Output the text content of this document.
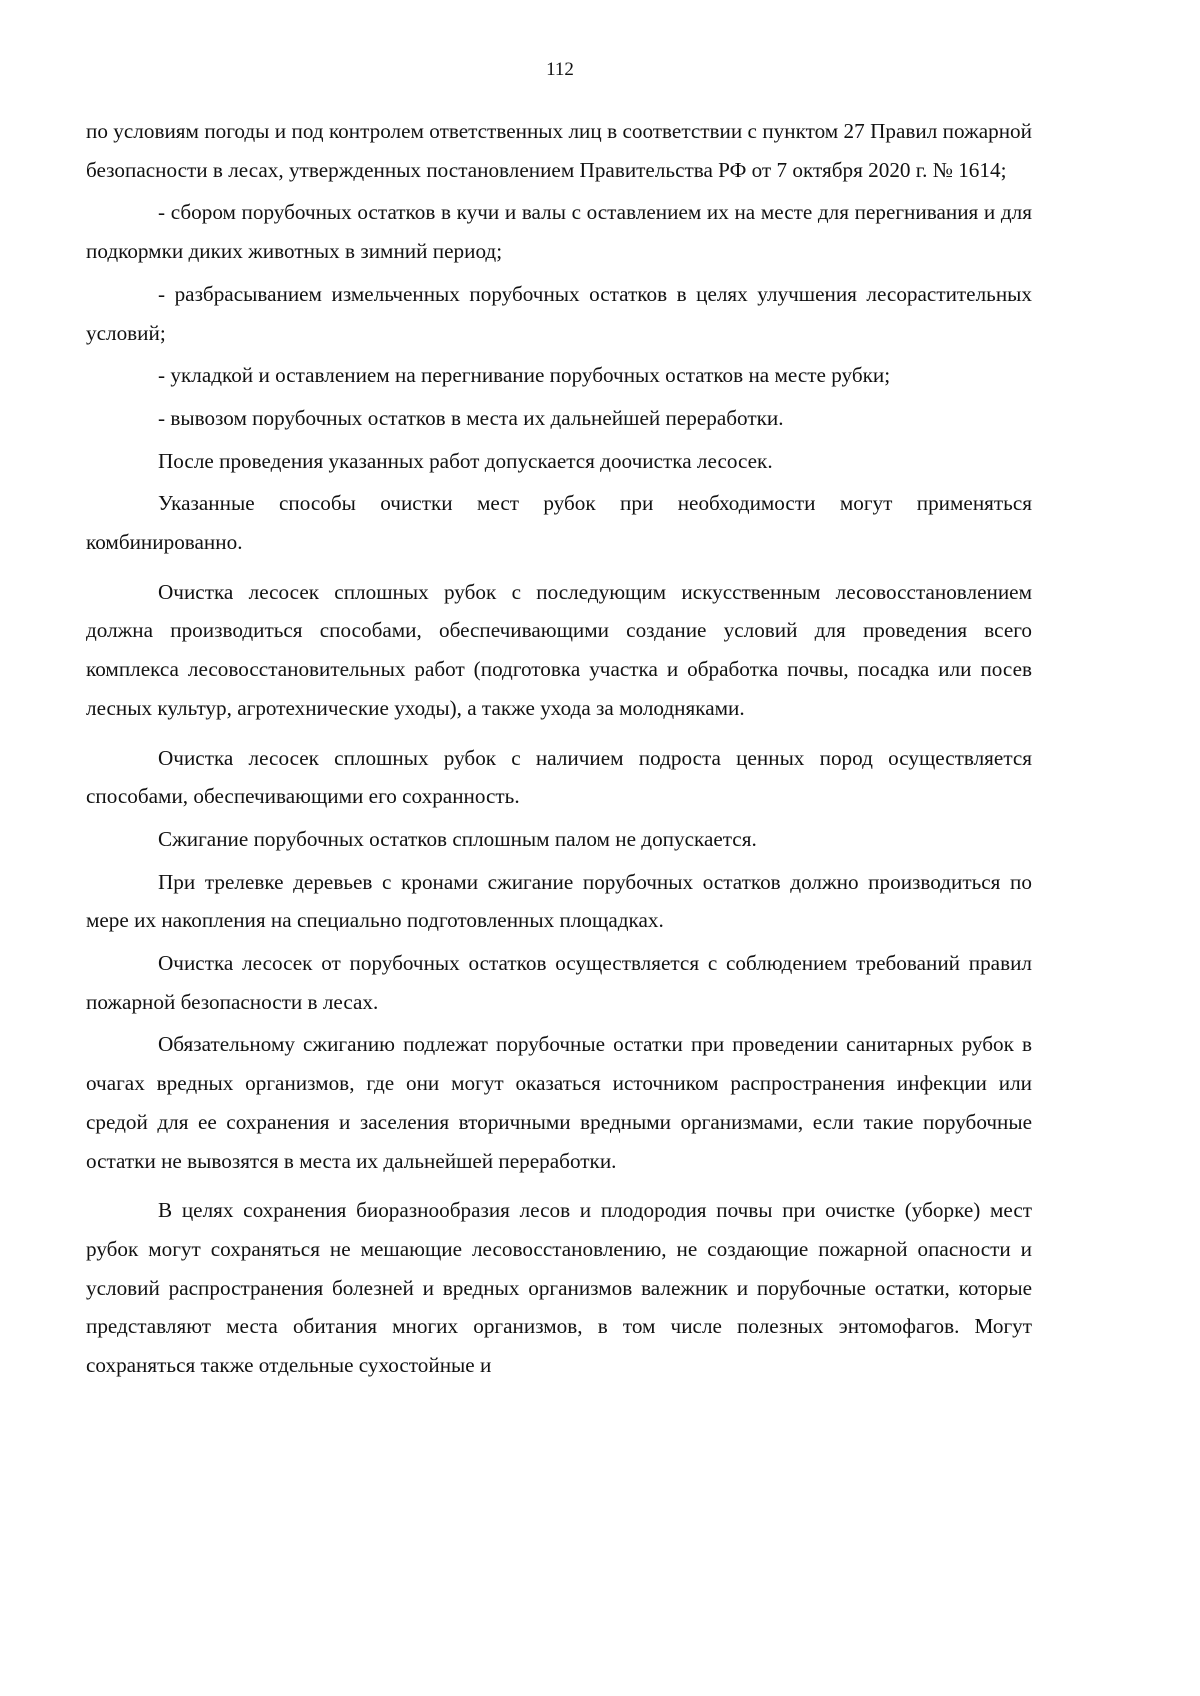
112

по условиям погоды и под контролем ответственных лиц в соответствии с пунктом 27 Правил пожарной безопасности в лесах, утвержденных постановлением Правительства РФ от 7 октября 2020 г. № 1614;

- сбором порубочных остатков в кучи и валы с оставлением их на месте для перегнивания и для подкормки диких животных в зимний период;

- разбрасыванием измельченных порубочных остатков в целях улучшения лесорастительных условий;

- укладкой и оставлением на перегнивание порубочных остатков на месте рубки;

- вывозом порубочных остатков в места их дальнейшей переработки.

После проведения указанных работ допускается доочистка лесосек.

Указанные способы очистки мест рубок при необходимости могут применяться комбинированно.

Очистка лесосек сплошных рубок с последующим искусственным лесовосстановлением должна производиться способами, обеспечивающими создание условий для проведения всего комплекса лесовосстановительных работ (подготовка участка и обработка почвы, посадка или посев лесных культур, агротехнические уходы), а также ухода за молодняками.

Очистка лесосек сплошных рубок с наличием подроста ценных пород осуществляется способами, обеспечивающими его сохранность.

Сжигание порубочных остатков сплошным палом не допускается.

При трелевке деревьев с кронами сжигание порубочных остатков должно производиться по мере их накопления на специально подготовленных площадках.

Очистка лесосек от порубочных остатков осуществляется с соблюдением требований правил пожарной безопасности в лесах.

Обязательному сжиганию подлежат порубочные остатки при проведении санитарных рубок в очагах вредных организмов, где они могут оказаться источником распространения инфекции или средой для ее сохранения и заселения вторичными вредными организмами, если такие порубочные остатки не вывозятся в места их дальнейшей переработки.

В целях сохранения биоразнообразия лесов и плодородия почвы при очистке (уборке) мест рубок могут сохраняться не мешающие лесовосстановлению, не создающие пожарной опасности и условий распространения болезней и вредных организмов валежник и порубочные остатки, которые представляют места обитания многих организмов, в том числе полезных энтомофагов. Могут сохраняться также отдельные сухостойные и
